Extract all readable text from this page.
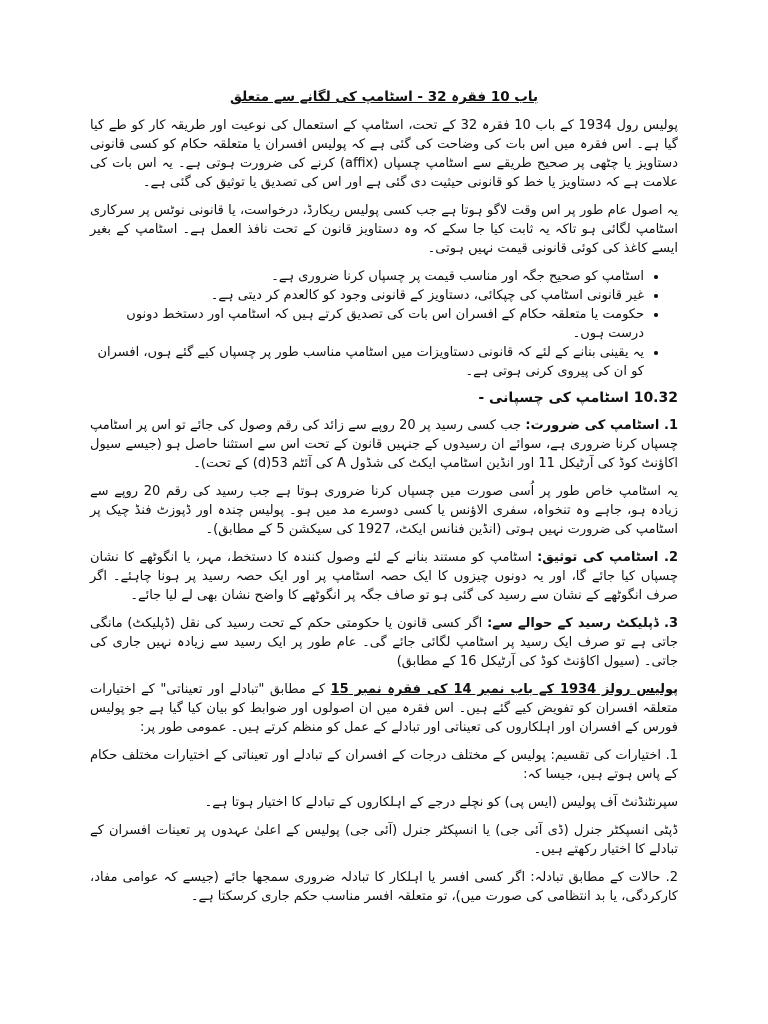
باب 10 فقرہ 32 - اسٹامپ کی لگانے سے متعلق

پولیس رول 1934 کے باب 10 فقرہ 32 کے تحت، اسٹامپ کے استعمال کی نوعیت اور طریقہ کار کو طے کیا گیا ہے۔ اس فقرہ میں اس بات کی وضاحت کی گئی ہے کہ پولیس افسران یا متعلقہ حکام کو کسی قانونی دستاویز یا چٹھی پر صحیح طریقے سے اسٹامپ چسپاں (affix) کرنے کی ضرورت ہوتی ہے۔ یہ اس بات کی علامت ہے کہ دستاویز یا خط کو قانونی حیثیت دی گئی ہے اور اس کی تصدیق یا توثیق کی گئی ہے۔

یہ اصول عام طور پر اس وقت لاگو ہوتا ہے جب کسی پولیس ریکارڈ، درخواست، یا قانونی نوٹس پر سرکاری اسٹامپ لگائی ہو تاکہ یہ ثابت کیا جا سکے کہ وہ دستاویز قانون کے تحت نافذ العمل ہے۔ اسٹامپ کے بغیر ایسے کاغذ کی کوئی قانونی قیمت نہیں ہوتی۔

• اسٹامپ کو صحیح جگہ اور مناسب قیمت پر چسپاں کرنا ضروری ہے۔
• غیر قانونی اسٹامپ کی چپکائی، دستاویز کے قانونی وجود کو کالعدم کر دیتی ہے۔
• حکومت یا متعلقہ حکام کے افسران اس بات کی تصدیق کرتے ہیں کہ اسٹامپ اور دستخط دونوں درست ہوں۔
• یہ یقینی بنانے کے لئے کہ قانونی دستاویزات میں اسٹامپ مناسب طور پر چسپاں کیے گئے ہوں، افسران کو ان کی پیروی کرنی ہوتی ہے۔
10.32 اسٹامپ کی چسپانی -

1. اسٹامپ کی ضرورت: جب کسی رسید پر 20 روپے سے زائد کی رقم وصول کی جائے تو اس پر اسٹامپ چسپاں کرنا ضروری ہے، سوائے ان رسیدوں کے جنہیں قانون کے تحت اس سے استثنا حاصل ہو (جیسے سیول اکاؤنٹ کوڈ کی آرٹیکل 11 اور انڈین اسٹامپ ایکٹ کی شڈول A کی آئٹم 53(d) کے تحت)۔

یہ اسٹامپ خاص طور پر اُسی صورت میں چسپاں کرنا ضروری ہوتا ہے جب رسید کی رقم 20 روپے سے زیادہ ہو، جاہے وہ تنخواہ، سفری الاؤنس یا کسی دوسرے مد میں ہو۔ پولیس چندہ اور ڈپوزٹ فنڈ چیک پر اسٹامپ کی ضرورت نہیں ہوتی (انڈین فنانس ایکٹ، 1927 کی سیکشن 5 کے مطابق)۔

2. اسٹامپ کی توثیق: اسٹامپ کو مستند بنانے کے لئے وصول کنندہ کا دستخط، مہر، یا انگوٹھے کا نشان چسپاں کیا جائے گا، اور یہ دونوں چیزوں کا ایک حصہ اسٹامپ پر اور ایک حصہ رسید پر ہونا چاہئے۔ اگر صرف انگوٹھے کے نشان سے رسید کی گئی ہو تو صاف جگہ پر انگوٹھے کا واضح نشان بھی لے لیا جائے۔

3. ڈپلیکٹ رسید کے حوالے سے: اگر کسی قانون یا حکومتی حکم کے تحت رسید کی نقل (ڈپلیکٹ) مانگی جاتی ہے تو صرف ایک رسید پر اسٹامپ لگائی جائے گی۔ عام طور پر ایک رسید سے زیادہ نہیں جاری کی جاتی۔ (سیول اکاؤنٹ کوڈ کی آرٹیکل 16 کے مطابق)

پولیس رولز 1934 کے باب نمبر 14 کی فقرہ نمبر 15 کے مطابق "تبادلے اور تعیناتی" کے اختیارات متعلقہ افسران کو تفویض کیے گئے ہیں۔ اس فقرہ میں ان اصولوں اور ضوابط کو بیان کیا گیا ہے جو پولیس فورس کے افسران اور اہلکاروں کی تعیناتی اور تبادلے کے عمل کو منظم کرتے ہیں۔ عمومی طور پر:

1. اختیارات کی تقسیم: پولیس کے مختلف درجات کے افسران کے تبادلے اور تعیناتی کے اختیارات مختلف حکام کے پاس ہوتے ہیں، جیسا کہ:

سپرنٹنڈنٹ آف پولیس (ایس پی) کو نچلے درجے کے اہلکاروں کے تبادلے کا اختیار ہوتا ہے۔

ڈپٹی انسپکٹر جنرل (ڈی آئی جی) یا انسپکٹر جنرل (آئی جی) پولیس کے اعلیٰ عہدوں پر تعینات افسران کے تبادلے کا اختیار رکھتے ہیں۔

2. حالات کے مطابق تبادلہ: اگر کسی افسر یا اہلکار کا تبادلہ ضروری سمجھا جائے (جیسے کہ عوامی مفاد، کارکردگی، یا بد انتظامی کی صورت میں)، تو متعلقہ افسر مناسب حکم جاری کرسکتا ہے۔
